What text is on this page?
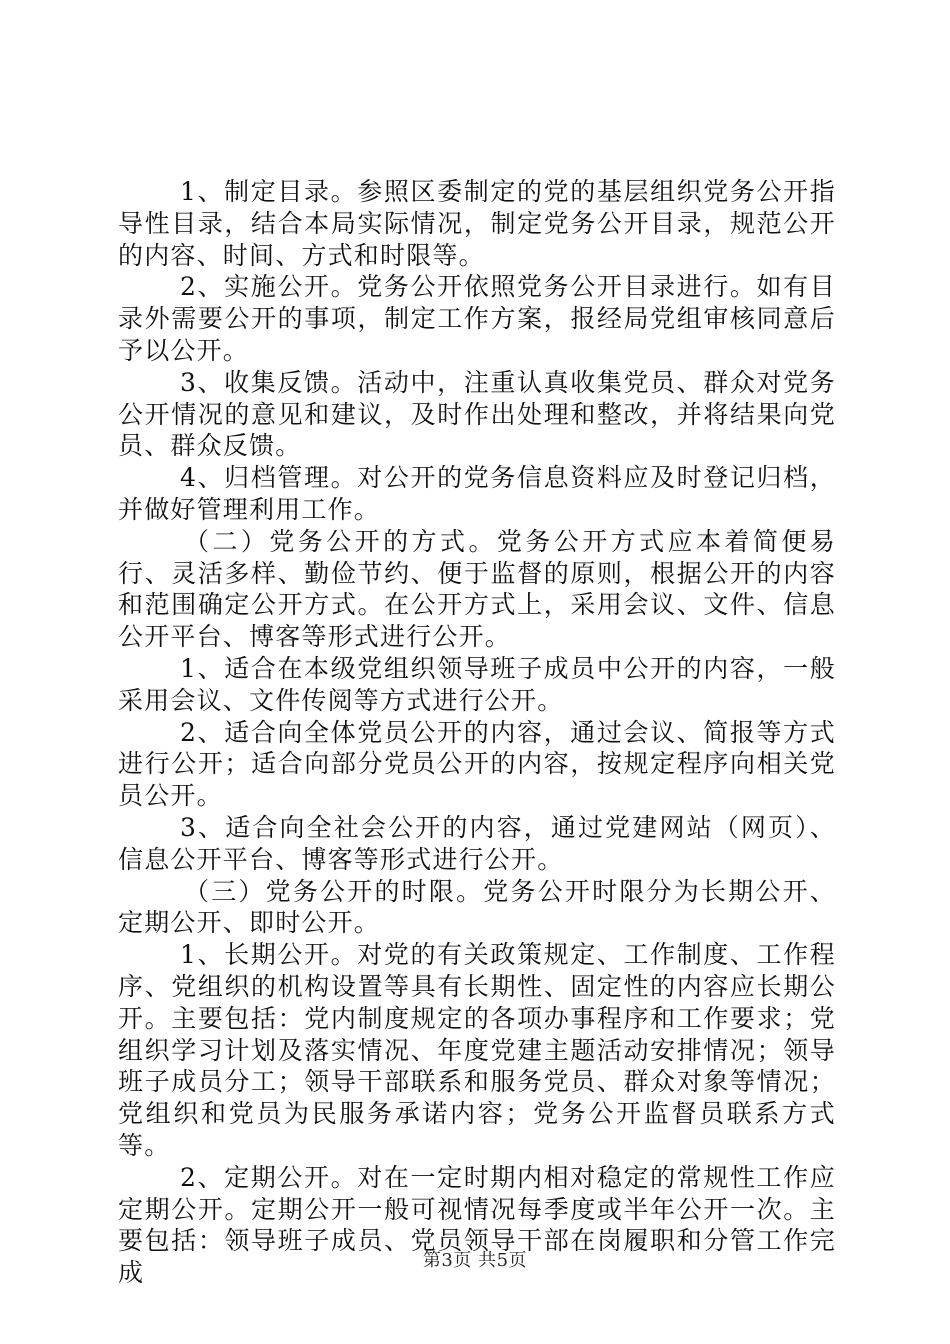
1、制定目录。参照区委制定的党的基层组织党务公开指导性目录，结合本局实际情况，制定党务公开目录，规范公开的内容、时间、方式和时限等。

2、实施公开。党务公开依照党务公开目录进行。如有目录外需要公开的事项，制定工作方案，报经局党组审核同意后予以公开。

3、收集反馈。活动中，注重认真收集党员、群众对党务公开情况的意见和建议，及时作出处理和整改，并将结果向党员、群众反馈。

4、归档管理。对公开的党务信息资料应及时登记归档，并做好管理利用工作。

（二）党务公开的方式。党务公开方式应本着简便易行、灵活多样、勤俭节约、便于监督的原则，根据公开的内容和范围确定公开方式。在公开方式上，采用会议、文件、信息公开平台、博客等形式进行公开。

1、适合在本级党组织领导班子成员中公开的内容，一般采用会议、文件传阅等方式进行公开。

2、适合向全体党员公开的内容，通过会议、简报等方式进行公开；适合向部分党员公开的内容，按规定程序向相关党员公开。

3、适合向全社会公开的内容，通过党建网站（网页）、信息公开平台、博客等形式进行公开。

（三）党务公开的时限。党务公开时限分为长期公开、定期公开、即时公开。

1、长期公开。对党的有关政策规定、工作制度、工作程序、党组织的机构设置等具有长期性、固定性的内容应长期公开。主要包括：党内制度规定的各项办事程序和工作要求；党组织学习计划及落实情况、年度党建主题活动安排情况；领导班子成员分工；领导干部联系和服务党员、群众对象等情况；党组织和党员为民服务承诺内容；党务公开监督员联系方式等。

2、定期公开。对在一定时期内相对稳定的常规性工作应定期公开。定期公开一般可视情况每季度或半年公开一次。主要包括：领导班子成员、党员领导干部在岗履职和分管工作完成	第3页 共5页
